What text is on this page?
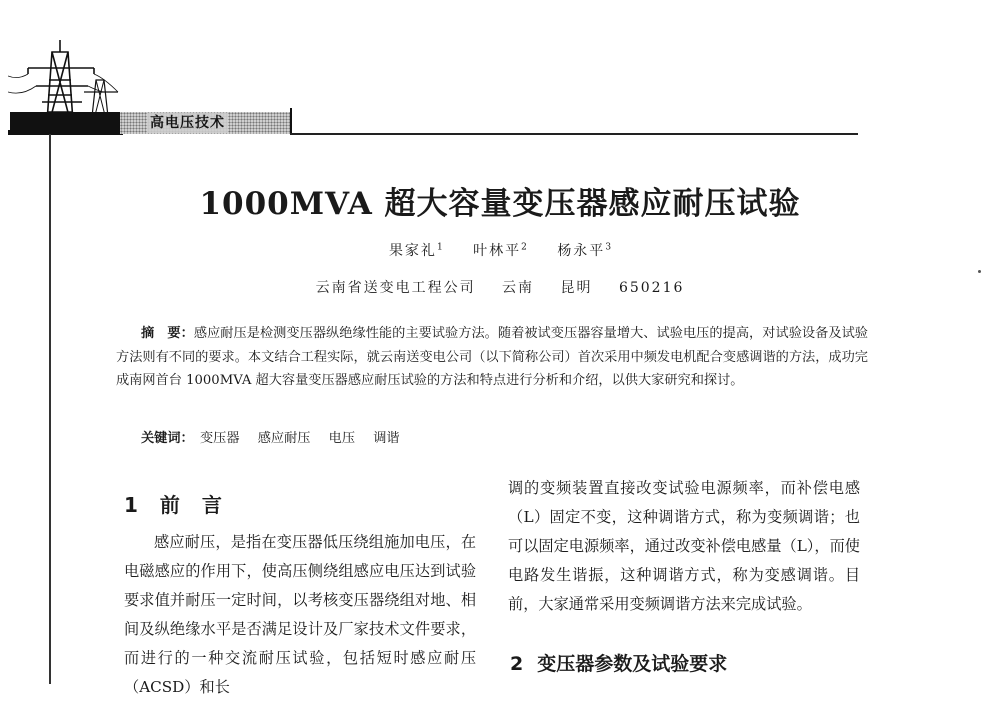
高电压技术
1000MVA 超大容量变压器感应耐压试验
果家礼$^1$ 叶林平$^2$ 杨永平$^3$
云南省送变电工程公司 云南 昆明 650216
摘　要：感应耐压是检测变压器纵绝缘性能的主要试验方法。随着被试变压器容量增大、试验电压的提高，对试验设备及试验方法则有不同的要求。本文结合工程实际，就云南送变电公司（以下简称公司）首次采用中频发电机配合变感调谐的方法，成功完成南网首台 1000MVA 超大容量变压器感应耐压试验的方法和特点进行分析和介绍，以供大家研究和探讨。
关键词： 变压器 感应耐压 电压 调谐
1 前言
感应耐压，是指在变压器低压绕组施加电压，在电磁感应的作用下，使高压侧绕组感应电压达到试验要求值并耐压一定时间，以考核变压器绕组对地、相间及纵绝缘水平是否满足设计及厂家技术文件要求，而进行的一种交流耐压试验，包括短时感应耐压（ACSD）和长
调的变频装置直接改变试验电源频率，而补偿电感（L）固定不变，这种调谐方式，称为变频调谐；也可以固定电源频率，通过改变补偿电感量（L），而使电路发生谐振，这种调谐方式，称为变感调谐。目前，大家通常采用变频调谐方法来完成试验。
2 变压器参数及试验要求
